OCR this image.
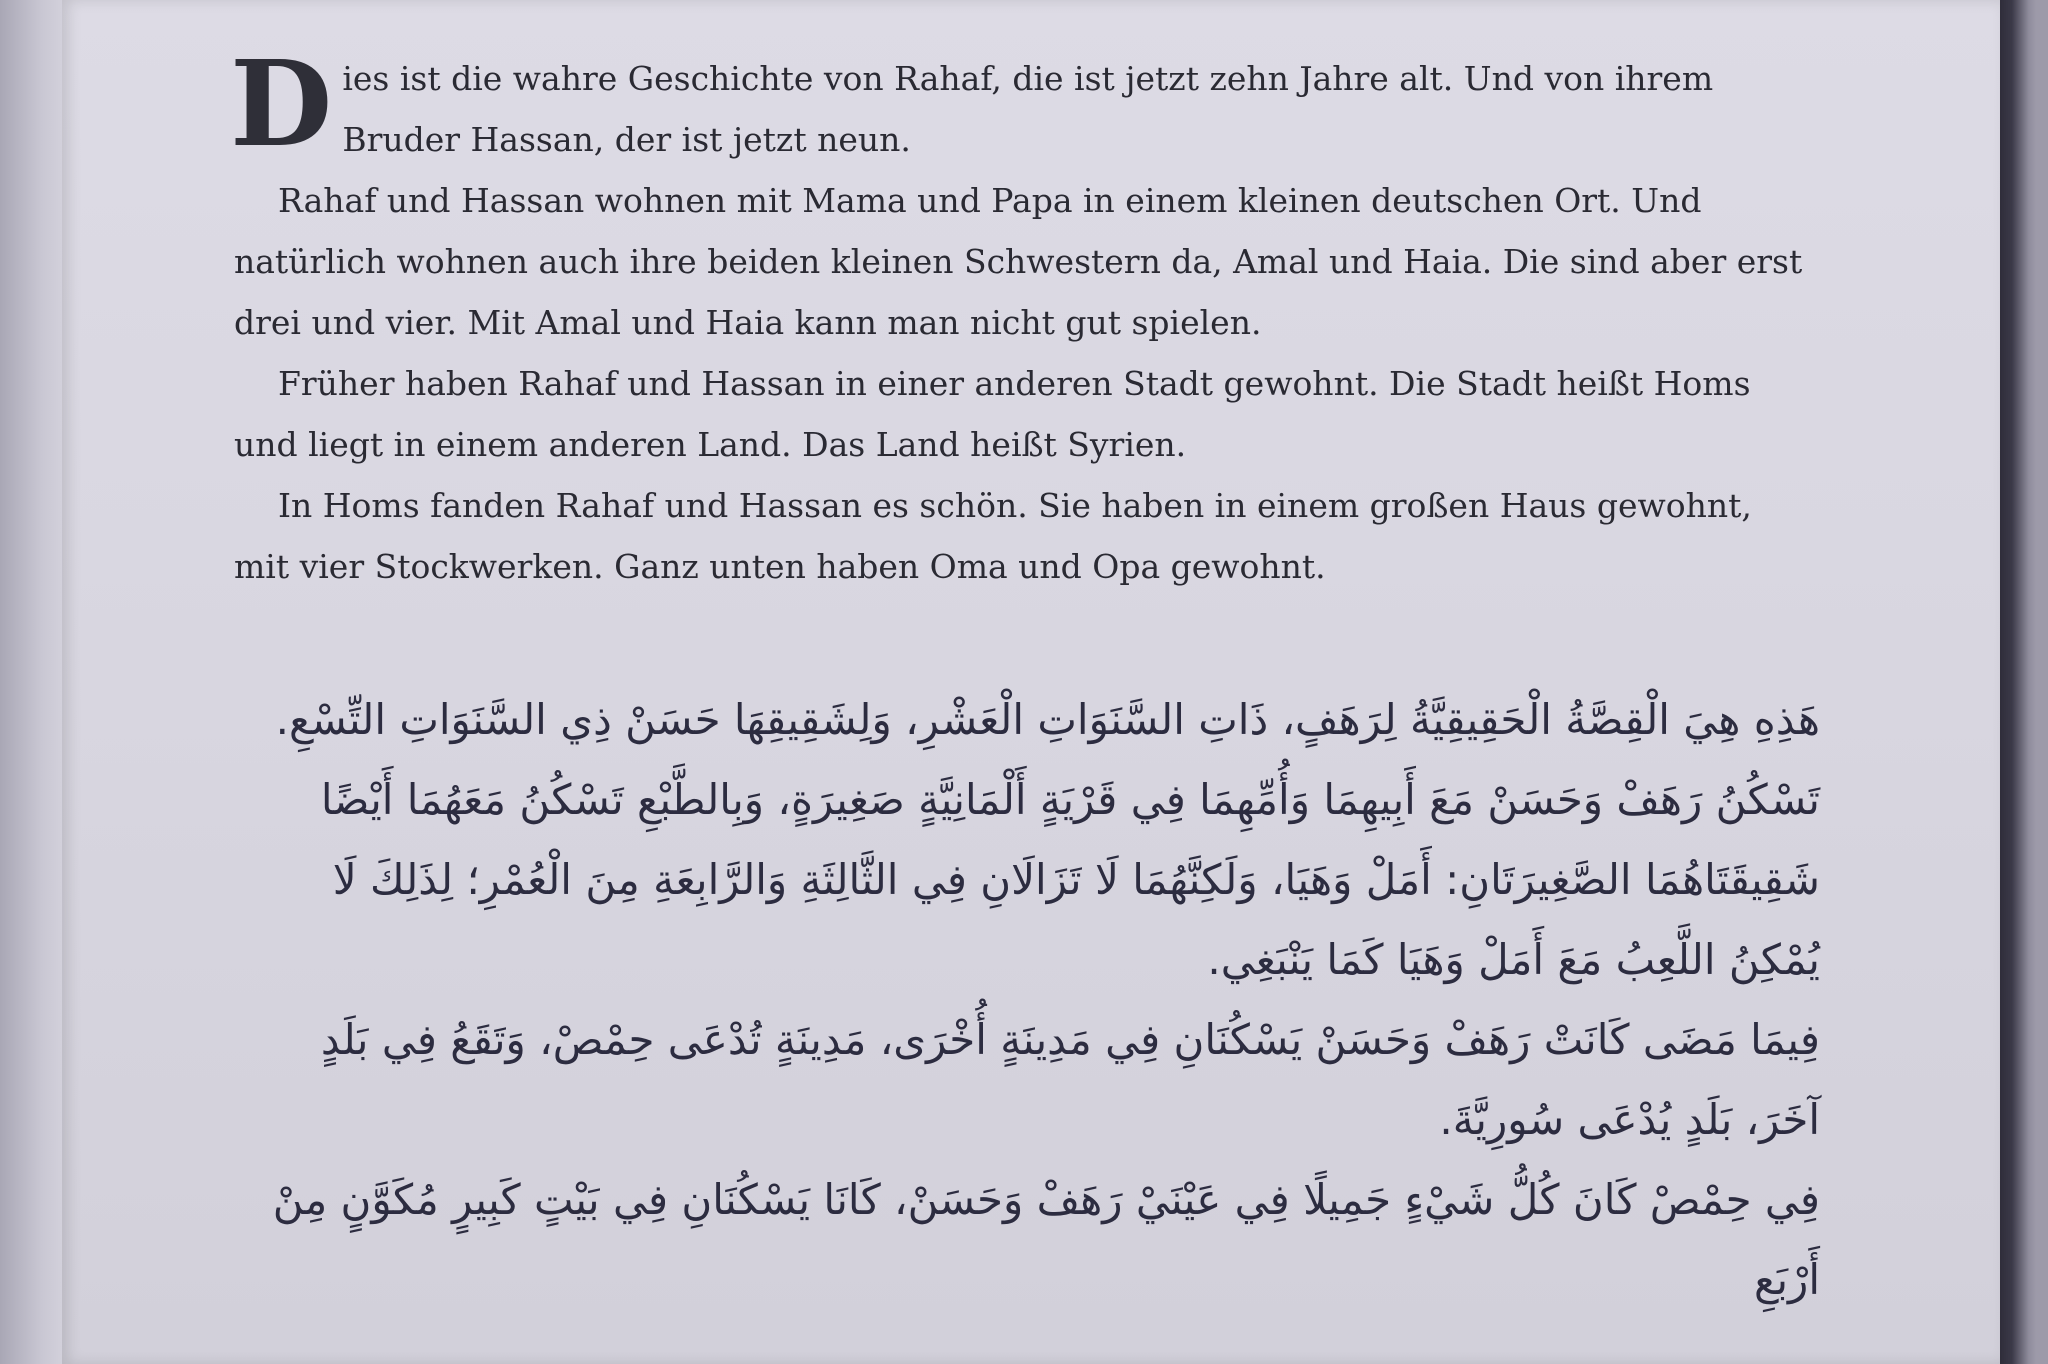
Dies ist die wahre Geschichte von Rahaf, die ist jetzt zehn Jahre alt. Und von ihrem Bruder Hassan, der ist jetzt neun.

Rahaf und Hassan wohnen mit Mama und Papa in einem kleinen deutschen Ort. Und natürlich wohnen auch ihre beiden kleinen Schwestern da, Amal und Haia. Die sind aber erst drei und vier. Mit Amal und Haia kann man nicht gut spielen.

Früher haben Rahaf und Hassan in einer anderen Stadt gewohnt. Die Stadt heißt Homs und liegt in einem anderen Land. Das Land heißt Syrien.

In Homs fanden Rahaf und Hassan es schön. Sie haben in einem großen Haus gewohnt, mit vier Stockwerken. Ganz unten haben Oma und Opa gewohnt.

هَذِهِ هِيَ الْقِصَّةُ الْحَقِيقِيَّةُ لِرَهَفٍ، ذَاتِ السَّنَوَاتِ الْعَشْرِ، وَلِشَقِيقِهَا حَسَنْ ذِي السَّنَوَاتِ التِّسْعِ.

تَسْكُنُ رَهَفْ وَحَسَنْ مَعَ أَبِيهِمَا وَأُمِّهِمَا فِي قَرْيَةٍ أَلْمَانِيَّةٍ صَغِيرَةٍ، وَبِالطَّبْعِ تَسْكُنُ مَعَهُمَا أَيْضًا شَقِيقَتَاهُمَا الصَّغِيرَتَانِ: أَمَلْ وَهَيَا، وَلَكِنَّهُمَا لَا تَزَالَانِ فِي الثَّالِثَةِ وَالرَّابِعَةِ مِنَ الْعُمْرِ؛ لِذَلِكَ لَا يُمْكِنُ اللَّعِبُ مَعَ أَمَلْ وَهَيَا كَمَا يَنْبَغِي.

فِيمَا مَضَى كَانَتْ رَهَفْ وَحَسَنْ يَسْكُنَانِ فِي مَدِينَةٍ أُخْرَى، مَدِينَةٍ تُدْعَى حِمْصْ، وَتَقَعُ فِي بَلَدٍ آخَرَ، بَلَدٍ يُدْعَى سُورِيَّةَ.

فِي حِمْصْ كَانَ كُلُّ شَيْءٍ جَمِيلًا فِي عَيْنَيْ رَهَفْ وَحَسَنْ، كَانَا يَسْكُنَانِ فِي بَيْتٍ كَبِيرٍ مُكَوَّنٍ مِنْ أَرْبَعِ
